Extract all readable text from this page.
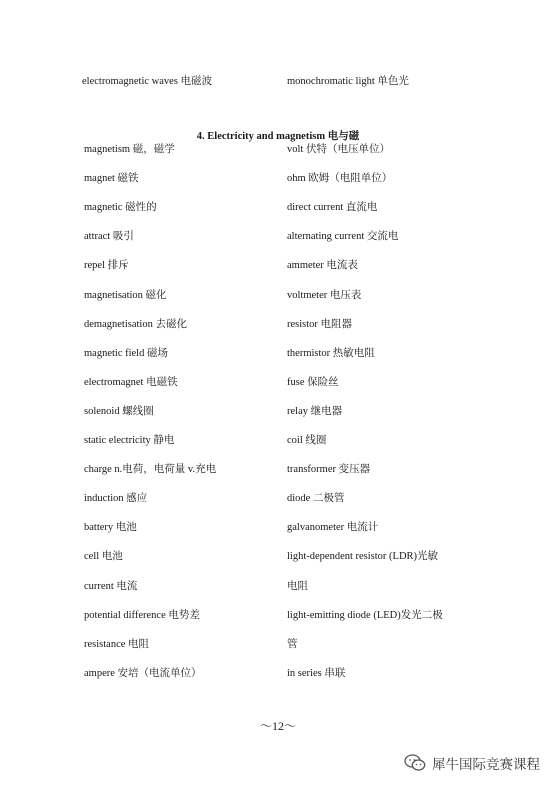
electromagnetic waves 电磁波	monochromatic light 单色光
4. Electricity and magnetism 电与磁
magnetism 磁，磁学
magnet 磁铁
magnetic 磁性的
attract 吸引
repel 排斥
magnetisation 磁化
demagnetisation 去磁化
magnetic field 磁场
electromagnet 电磁铁
solenoid 螺线圈
static electricity 静电
charge n.电荷，电荷量 v.充电
induction 感应
battery 电池
cell 电池
current 电流
potential difference 电势差
resistance 电阻
ampere 安培（电流单位）
volt 伏特（电压单位）
ohm 欧姆（电阻单位）
direct current 直流电
alternating current 交流电
ammeter 电流表
voltmeter 电压表
resistor 电阻器
thermistor 热敏电阻
fuse 保险丝
relay 继电器
coil 线圈
transformer 变压器
diode 二极管
galvanometer 电流计
light-dependent resistor (LDR)光敏
电阻
light-emitting diode (LED)发光二极
管
in series 串联
～12～
犀牛国际竞赛课程
